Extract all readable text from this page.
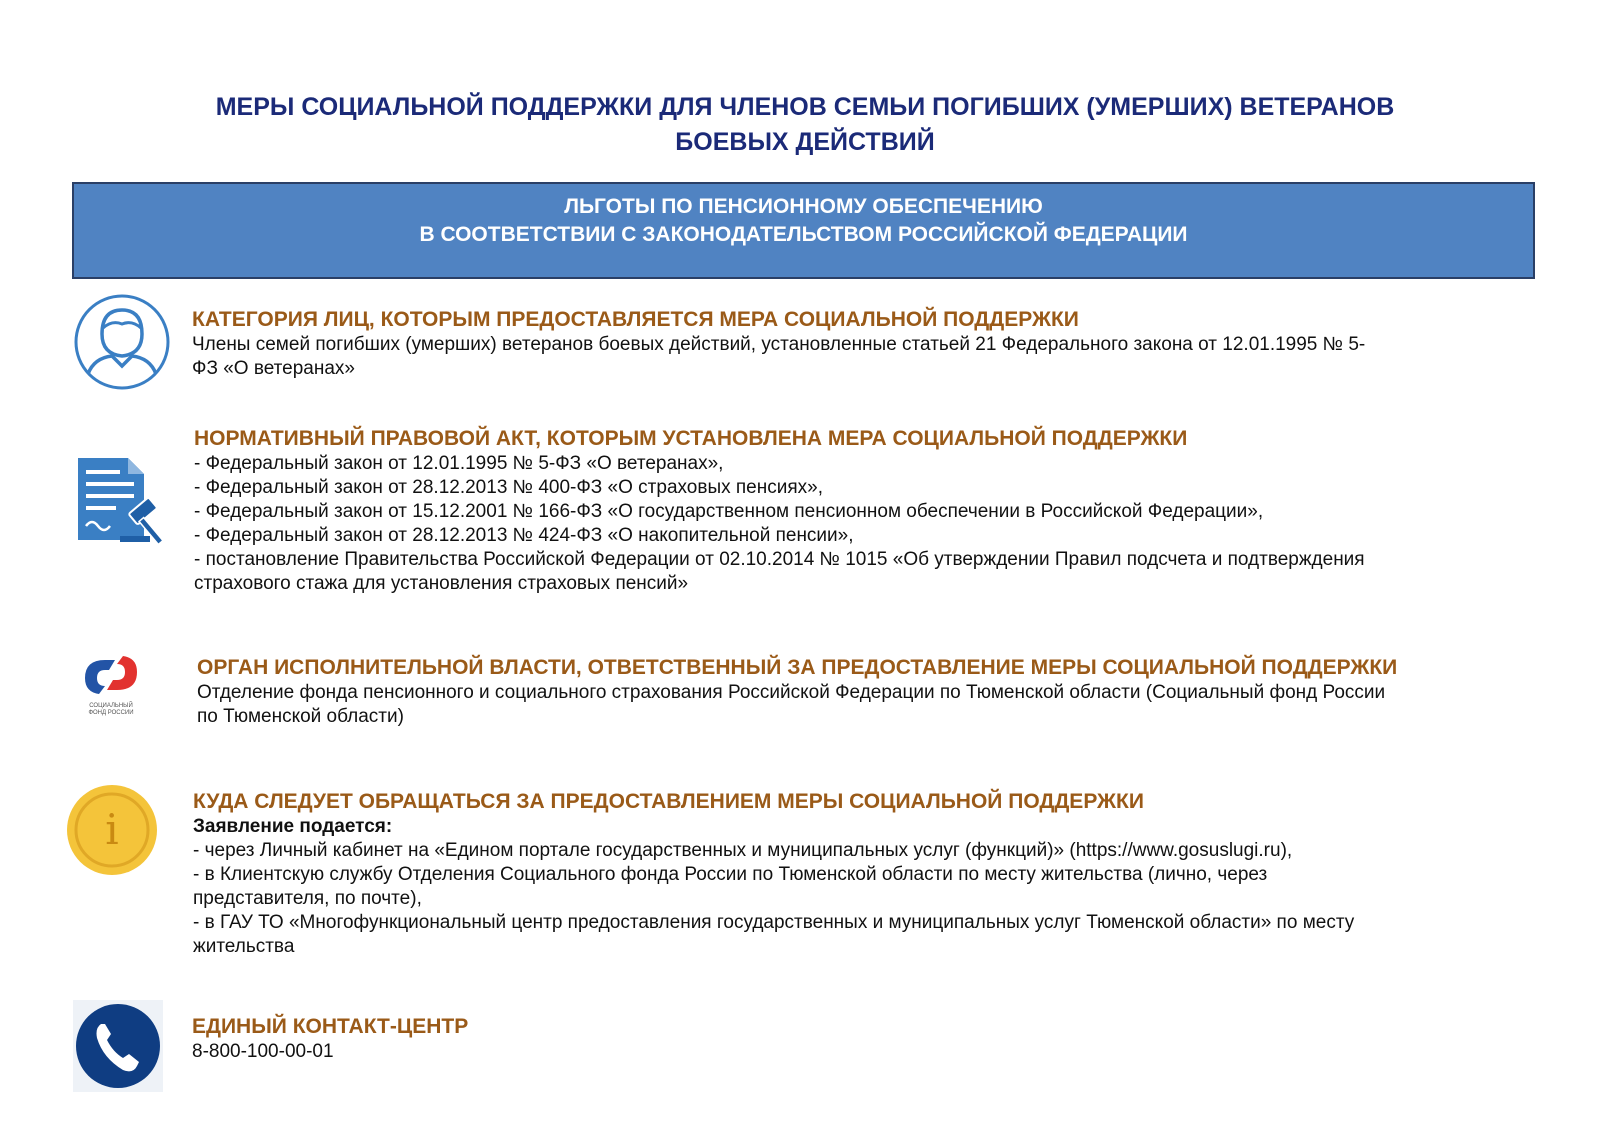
МЕРЫ СОЦИАЛЬНОЙ ПОДДЕРЖКИ ДЛЯ ЧЛЕНОВ СЕМЬИ ПОГИБШИХ (УМЕРШИХ) ВЕТЕРАНОВ
БОЕВЫХ ДЕЙСТВИЙ
ЛЬГОТЫ ПО ПЕНСИОННОМУ ОБЕСПЕЧЕНИЮ
В СООТВЕТСТВИИ С ЗАКОНОДАТЕЛЬСТВОМ РОССИЙСКОЙ ФЕДЕРАЦИИ
КАТЕГОРИЯ ЛИЦ, КОТОРЫМ ПРЕДОСТАВЛЯЕТСЯ МЕРА СОЦИАЛЬНОЙ ПОДДЕРЖКИ
Члены семей погибших (умерших) ветеранов боевых действий, установленные статьей 21 Федерального закона от 12.01.1995 № 5-
ФЗ «О ветеранах»
НОРМАТИВНЫЙ ПРАВОВОЙ АКТ, КОТОРЫМ УСТАНОВЛЕНА МЕРА СОЦИАЛЬНОЙ ПОДДЕРЖКИ
- Федеральный закон от 12.01.1995 № 5-ФЗ «О ветеранах»,
- Федеральный закон от 28.12.2013 № 400-ФЗ «О страховых пенсиях»,
- Федеральный закон от 15.12.2001 № 166-ФЗ «О государственном пенсионном обеспечении в Российской Федерации»,
- Федеральный закон от 28.12.2013 № 424-ФЗ «О накопительной пенсии»,
- постановление Правительства Российской Федерации от 02.10.2014 № 1015 «Об утверждении Правил подсчета и подтверждения
страхового стажа для установления страховых пенсий»
СОЦИАЛЬНЫЙ ФОНД РОССИИ
ОРГАН ИСПОЛНИТЕЛЬНОЙ ВЛАСТИ, ОТВЕТСТВЕННЫЙ ЗА ПРЕДОСТАВЛЕНИЕ МЕРЫ СОЦИАЛЬНОЙ ПОДДЕРЖКИ
Отделение фонда пенсионного и социального страхования Российской Федерации по Тюменской области (Социальный фонд России
по Тюменской области)
i
КУДА СЛЕДУЕТ ОБРАЩАТЬСЯ ЗА ПРЕДОСТАВЛЕНИЕМ МЕРЫ СОЦИАЛЬНОЙ ПОДДЕРЖКИ
Заявление подается:
- через Личный кабинет на «Едином портале государственных и муниципальных услуг (функций)» (https://www.gosuslugi.ru),
- в Клиентскую службу Отделения Социального фонда России по Тюменской области по месту жительства (лично, через
представителя, по почте),
- в ГАУ ТО «Многофункциональный центр предоставления государственных и муниципальных услуг Тюменской области» по месту
жительства
ЕДИНЫЙ КОНТАКТ-ЦЕНТР
8-800-100-00-01
